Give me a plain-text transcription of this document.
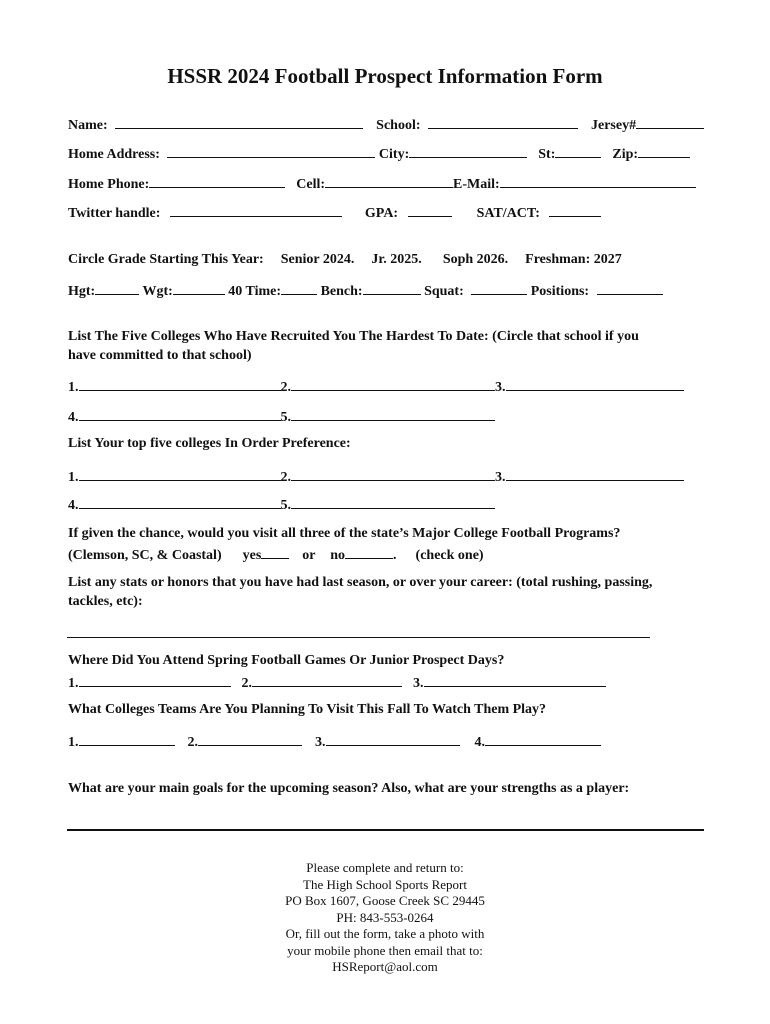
HSSR 2024 Football Prospect Information Form
Name:	School:	Jersey#
Home Address:	City:	St:	Zip:
Home Phone:	Cell:	E-Mail:
Twitter handle:	GPA:	SAT/ACT:
Circle Grade Starting This Year: Senior 2024. Jr. 2025. Soph 2026. Freshman: 2027
Hgt:	Wgt:	40 Time:	Bench:	Squat:	Positions:
List The Five Colleges Who Have Recruited You The Hardest To Date: (Circle that school if you
have committed to that school)
1.	2.	3.
4.	5.
List Your top five colleges In Order Preference:
1.	2.	3.
4.	5.
If given the chance, would you visit all three of the state’s Major College Football Programs?
(Clemson, SC, & Coastal) yes	or no	.  (check one)
List any stats or honors that you have had last season, or over your career: (total rushing, passing,
tackles, etc):
Where Did You Attend Spring Football Games Or Junior Prospect Days?
1.	2.	3.
What Colleges Teams Are You Planning To Visit This Fall To Watch Them Play?
1.	2.	3.	4.
What are your main goals for the upcoming season? Also, what are your strengths as a player:
Please complete and return to:
The High School Sports Report
PO Box 1607, Goose Creek SC 29445
PH: 843-553-0264
Or, fill out the form, take a photo with
your mobile phone then email that to:
HSReport@aol.com
